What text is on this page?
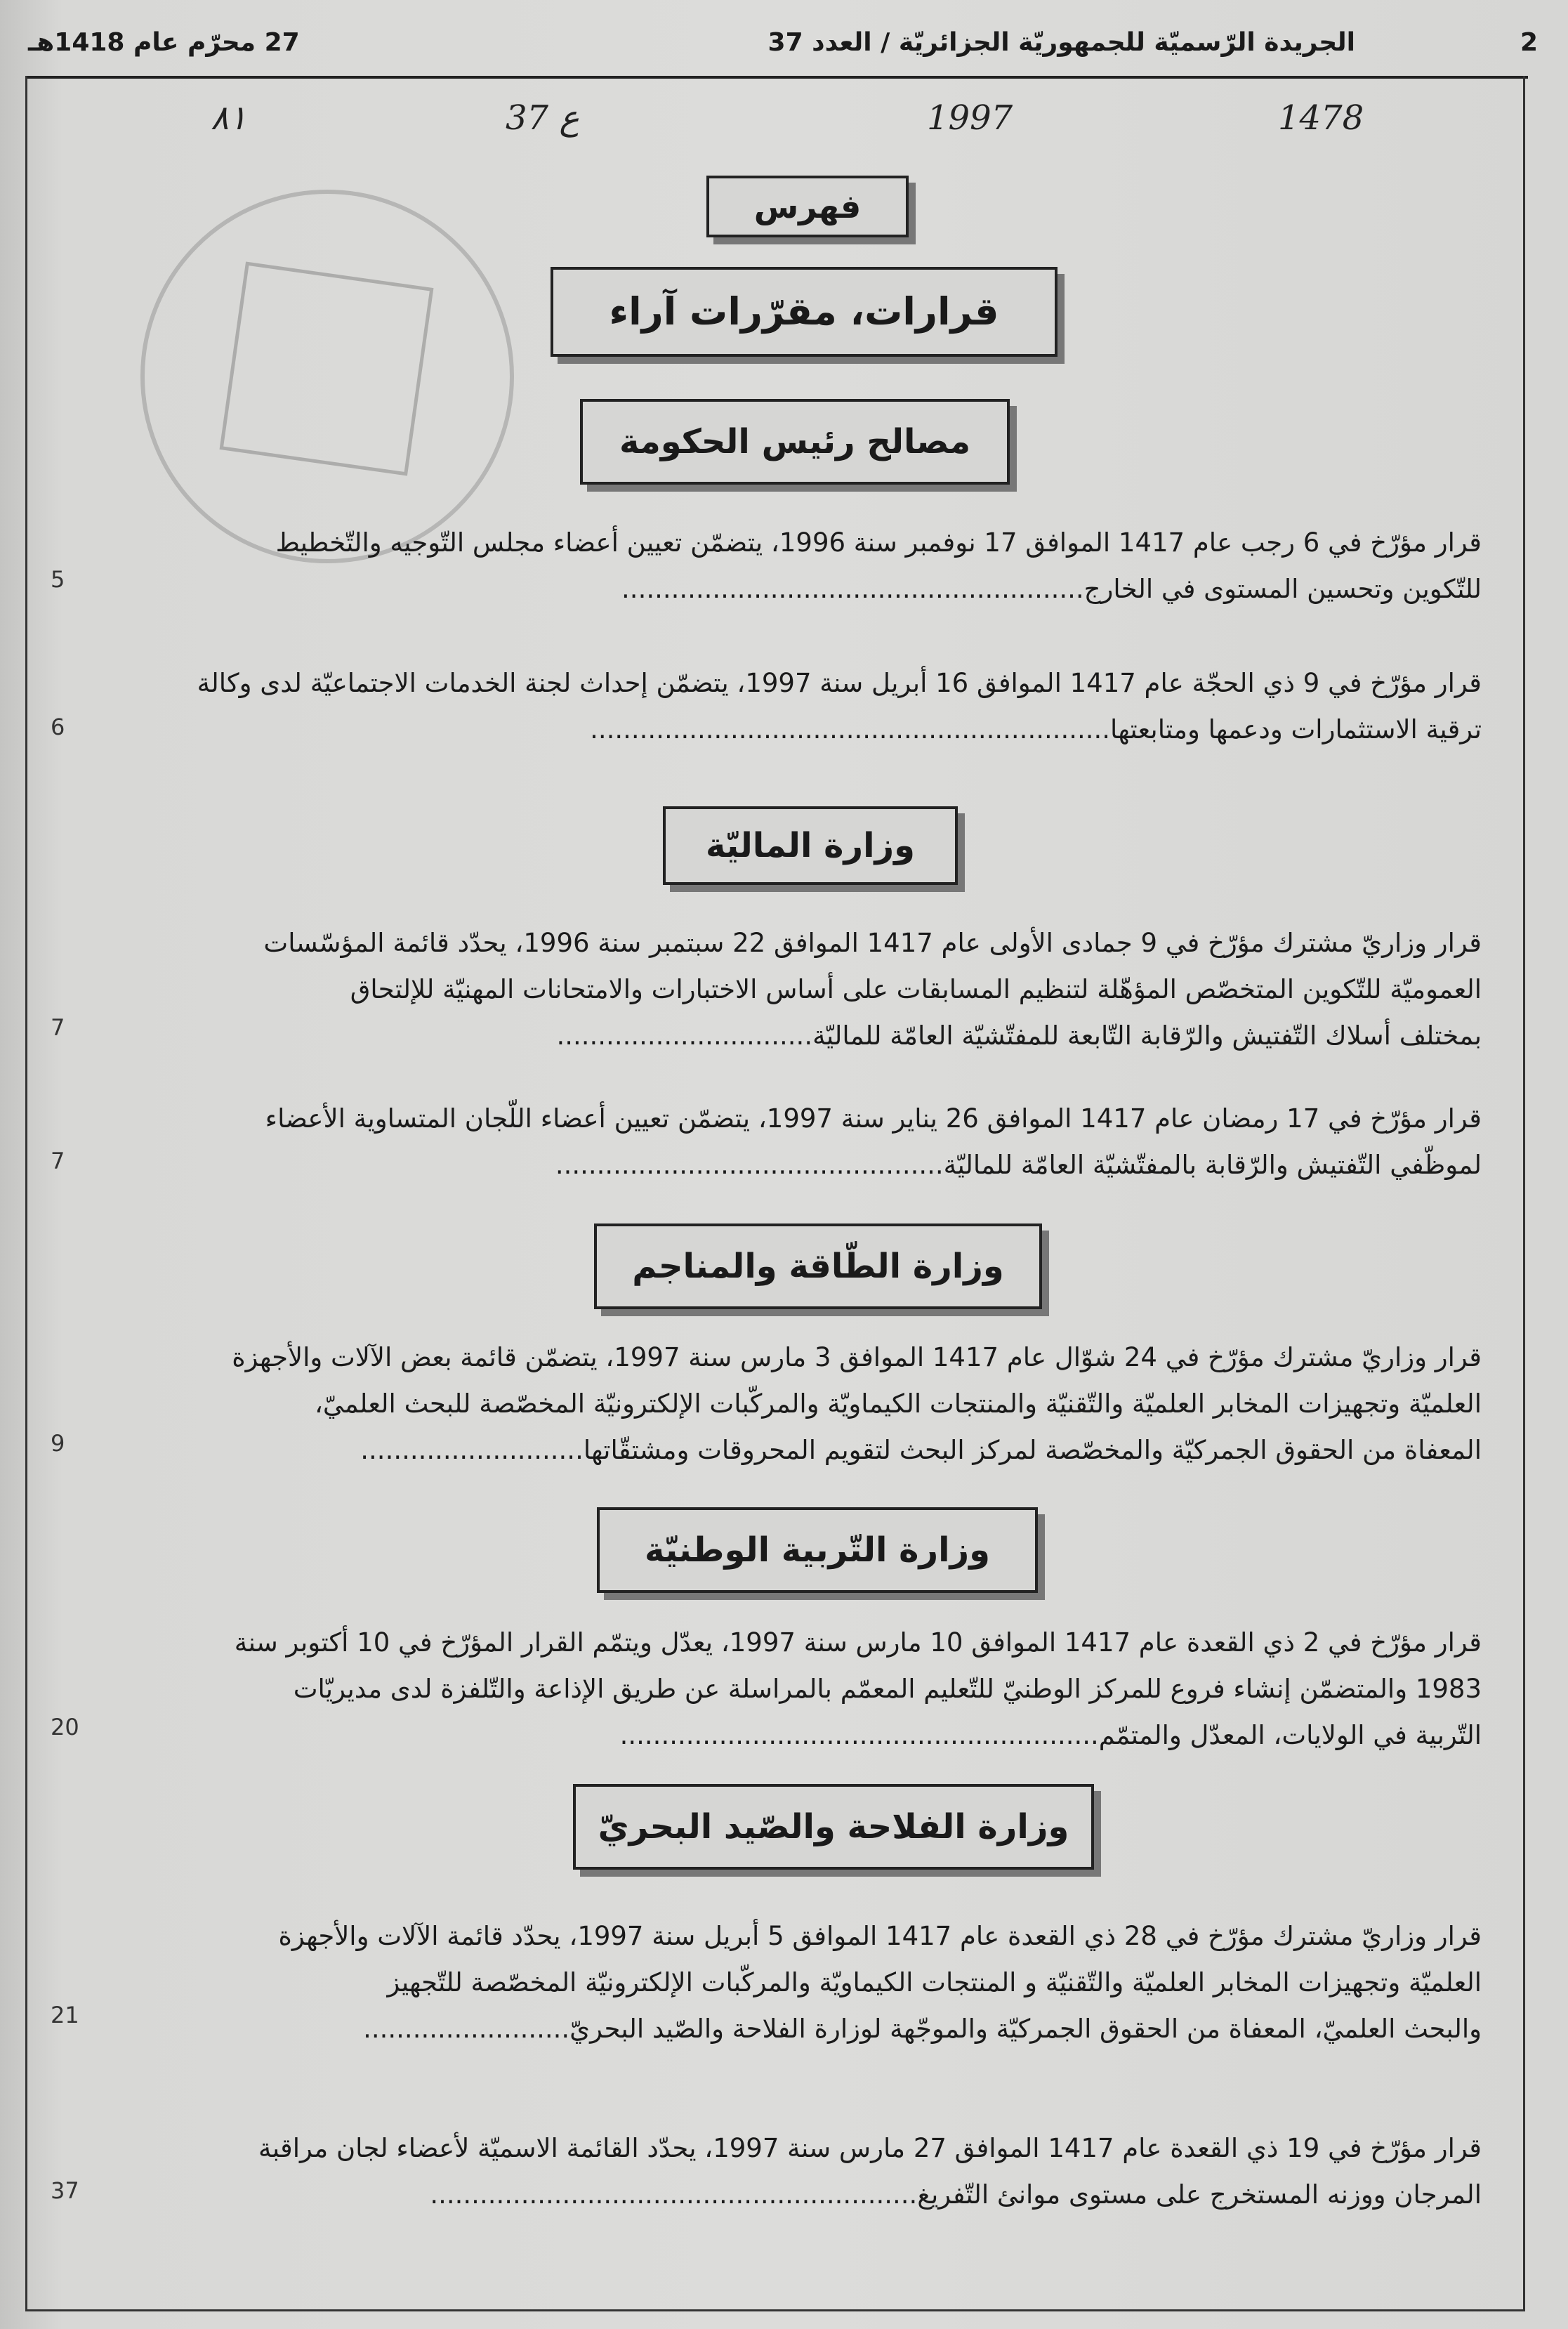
2
الجريدة الرّسميّة للجمهوريّة الجزائريّة / العدد 37
27 محرّم عام 1418هـ
٨١	37 ع	1997	1478
فهرس
قرارات، مقرّرات آراء
مصالح رئيس الحكومة

قرار مؤرّخ في 6 رجب عام 1417 الموافق 17 نوفمبر سنة 1996، يتضمّن تعيين أعضاء مجلس التّوجيه والتّخطيط

للتّكوين وتحسين المستوى في الخارج........................................................

5

قرار مؤرّخ في 9 ذي الحجّة عام 1417 الموافق 16 أبريل سنة 1997، يتضمّن إحداث لجنة الخدمات الاجتماعيّة لدى وكالة

ترقية الاستثمارات ودعمها ومتابعتها...............................................................

6
وزارة الماليّة

قرار وزاريّ مشترك مؤرّخ في 9 جمادى الأولى عام 1417 الموافق 22 سبتمبر سنة 1996، يحدّد قائمة المؤسّسات

العموميّة للتّكوين المتخصّص المؤهّلة لتنظيم المسابقات على أساس الاختبارات والامتحانات المهنيّة للإلتحاق

بمختلف أسلاك التّفتيش والرّقابة التّابعة للمفتّشيّة العامّة للماليّة...............................

7

قرار مؤرّخ في 17 رمضان عام 1417 الموافق 26 يناير سنة 1997، يتضمّن تعيين أعضاء اللّجان المتساوية الأعضاء

لموظّفي التّفتيش والرّقابة بالمفتّشيّة العامّة للماليّة...............................................

7
وزارة الطّاقة والمناجم

قرار وزاريّ مشترك مؤرّخ في 24 شوّال عام 1417 الموافق 3 مارس سنة 1997، يتضمّن قائمة بعض الآلات والأجهزة

العلميّة وتجهيزات المخابر العلميّة والتّقنيّة والمنتجات الكيماويّة والمركّبات الإلكترونيّة المخصّصة للبحث العلميّ،

المعفاة من الحقوق الجمركيّة والمخصّصة لمركز البحث لتقويم المحروقات ومشتقّاتها...........................

9
وزارة التّربية الوطنيّة

قرار مؤرّخ في 2 ذي القعدة عام 1417 الموافق 10 مارس سنة 1997، يعدّل ويتمّم القرار المؤرّخ في 10 أكتوبر سنة

1983 والمتضمّن إنشاء فروع للمركز الوطنيّ للتّعليم المعمّم بالمراسلة عن طريق الإذاعة والتّلفزة لدى مديريّات

التّربية في الولايات، المعدّل والمتمّم..........................................................

20
وزارة الفلاحة والصّيد البحريّ

قرار وزاريّ مشترك مؤرّخ في 28 ذي القعدة عام 1417 الموافق 5 أبريل سنة 1997، يحدّد قائمة الآلات والأجهزة

العلميّة وتجهيزات المخابر العلميّة والتّقنيّة و المنتجات الكيماويّة والمركّبات الإلكترونيّة المخصّصة للتّجهيز

والبحث العلميّ، المعفاة من الحقوق الجمركيّة والموجّهة لوزارة الفلاحة والصّيد البحريّ.........................

21

قرار مؤرّخ في 19 ذي القعدة عام 1417 الموافق 27 مارس سنة 1997، يحدّد القائمة الاسميّة لأعضاء لجان مراقبة

المرجان ووزنه المستخرج على مستوى موانئ التّفريغ...........................................................

37
